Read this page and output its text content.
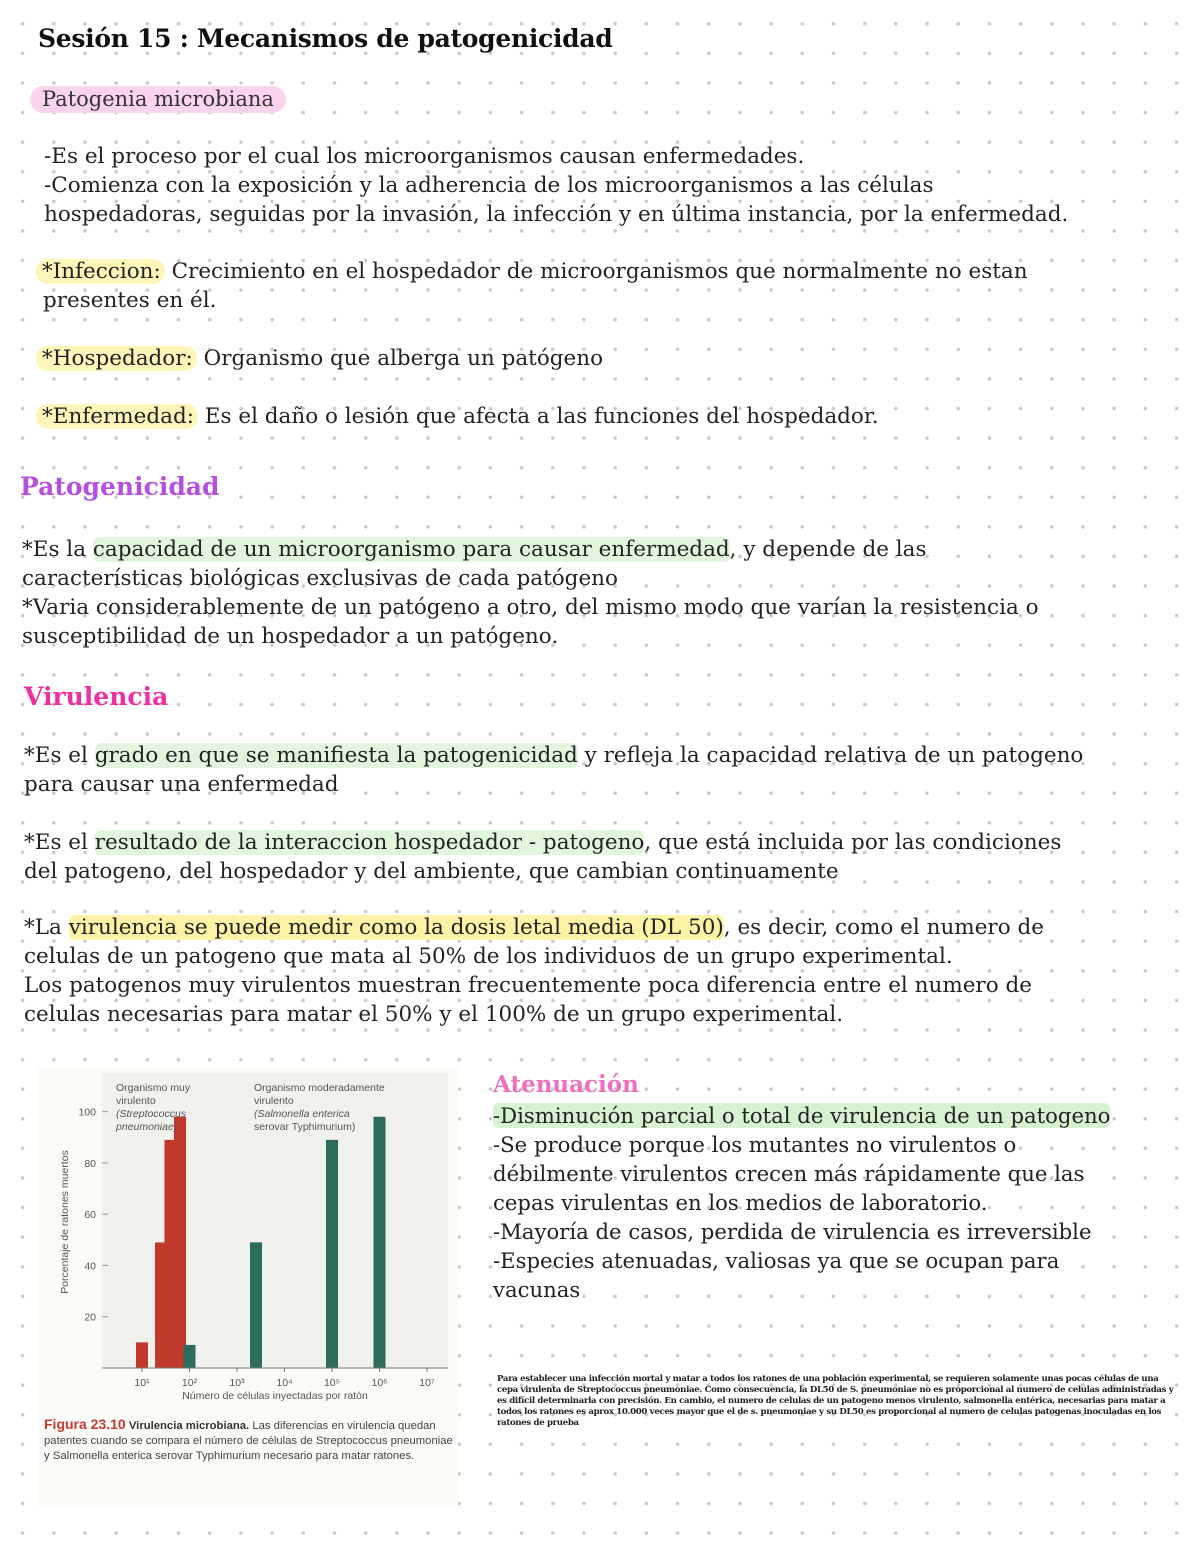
Sesión 15 : Mecanismos de patogenicidad
Patogenia microbiana

-Es el proceso por el cual los microorganismos causan enfermedades.

-Comienza con la exposición y la adherencia de los microorganismos a las células

hospedadoras, seguidas por la invasión, la infección y en última instancia, por la enfermedad.

*Infeccion: Crecimiento en el hospedador de microorganismos que normalmente no estan

presentes en él.

*Hospedador: Organismo que alberga un patógeno

*Enfermedad: Es el daño o lesión que afecta a las funciones del hospedador.

Patogenicidad

*Es la capacidad de un microorganismo para causar enfermedad, y depende de las

características biológicas exclusivas de cada patógeno

*Varia considerablemente de un patógeno a otro, del mismo modo que varían la resistencia o

susceptibilidad de un hospedador a un patógeno.

Virulencia

*Es el grado en que se manifiesta la patogenicidad y refleja la capacidad relativa de un patogeno

para causar una enfermedad

*Es el resultado de la interaccion hospedador - patogeno, que está incluida por las condiciones

del patogeno, del hospedador y del ambiente, que cambian continuamente

*La virulencia se puede medir como la dosis letal media (DL 50), es decir, como el numero de

celulas de un patogeno que mata al 50% de los individuos de un grupo experimental.

Los patogenos muy virulentos muestran frecuentemente poca diferencia entre el numero de

celulas necesarias para matar el 50% y el 100% de un grupo experimental.

20
40
60
80
100
10¹	10²	10³	10⁴	10⁵	10⁶	10⁷
Organismo muy
virulento
(Streptococcus
pneumoniae)
Organismo moderadamente
virulento
(Salmonella enterica
serovar Typhimurium)
Porcentaje de ratones muertos
Número de células inyectadas por ratón
Figura 23.10 Virulencia microbiana. Las diferencias en virulencia quedan patentes cuando se compara el número de células de Streptococcus pneumoniae y Salmonella enterica serovar Typhimurium necesario para matar ratones.
Atenuación

-Disminución parcial o total de virulencia de un patogeno

-Se produce porque los mutantes no virulentos o

débilmente virulentos crecen más rápidamente que las

cepas virulentas en los medios de laboratorio.

-Mayoría de casos, perdida de virulencia es irreversible

-Especies atenuadas, valiosas ya que se ocupan para

vacunas

Para establecer una infección mortal y matar a todos los ratones de una población experimental, se requieren solamente unas pocas células de una cepa virulenta de Streptococcus pneumoniae. Como consecuencia, la DL50 de S. pneumoniae no es proporcional al numero de celulas administradas y es difícil determinarla con precisión. En cambio, el numero de celulas de un patogeno menos virulento, salmonella entérica, necesarias para matar a todos los ratones es aprox 10.000 veces mayor que el de s. pneumoniae y su DL50 es proporcional al numero de celulas patogenas inoculadas en los ratones de prueba
